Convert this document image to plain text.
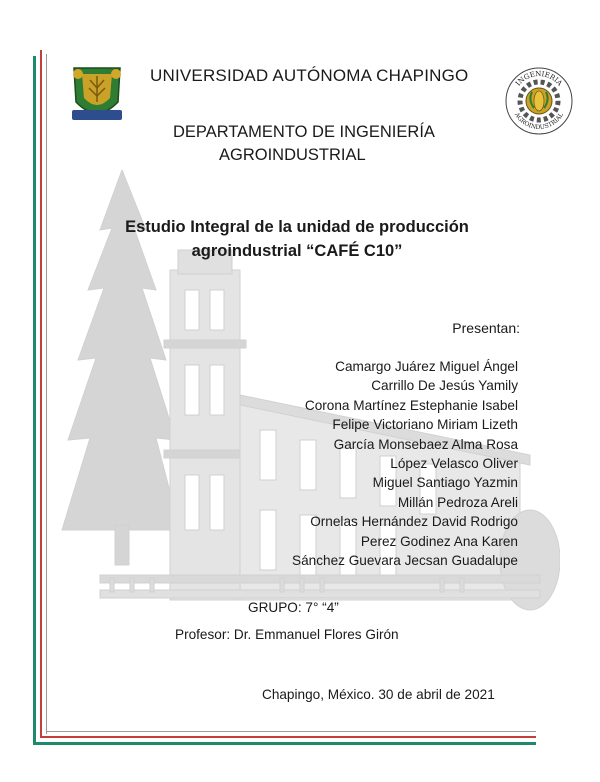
INGENIERIA
AGROINDUSTRIAL
UNIVERSIDAD AUTÓNOMA CHAPINGO
DEPARTAMENTO DE INGENIERÍA
AGROINDUSTRIAL
Estudio Integral de la unidad de producción
agroindustrial “CAFÉ C10”
Presentan:
Camargo Juárez Miguel Ángel
Carrillo De Jesús Yamily
Corona Martínez Estephanie Isabel
Felipe Victoriano Miriam Lizeth
García Monsebaez Alma Rosa
López Velasco Oliver
Miguel Santiago Yazmin
Millán Pedroza Areli
Ornelas Hernández David Rodrigo
Perez Godinez Ana Karen
Sánchez Guevara Jecsan Guadalupe
GRUPO: 7° “4”
Profesor: Dr. Emmanuel Flores Girón
Chapingo, México. 30 de abril de 2021
